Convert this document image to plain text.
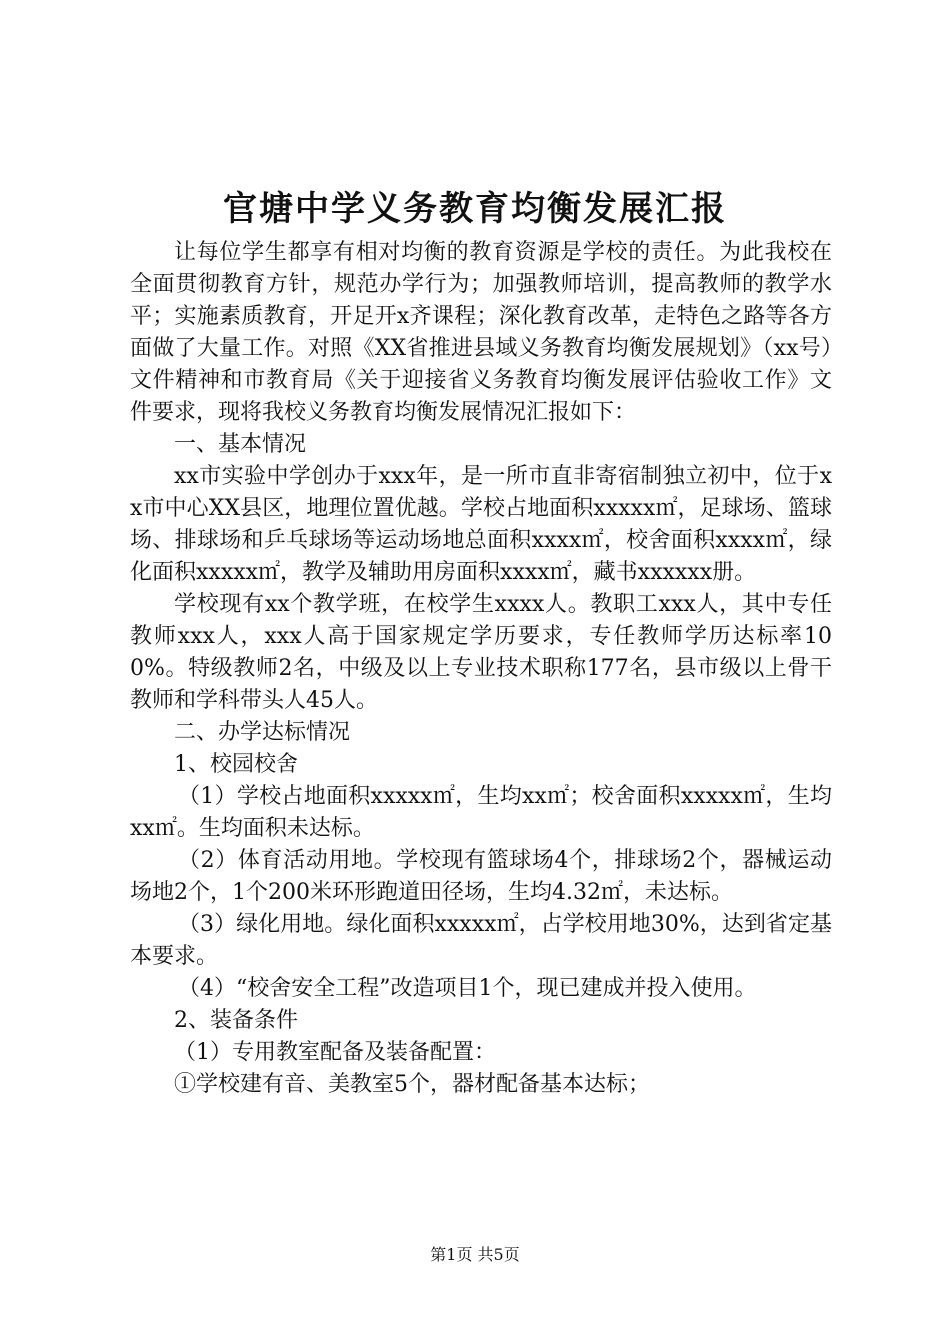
官塘中学义务教育均衡发展汇报

让每位学生都享有相对均衡的教育资源是学校的责任。为此我校在全面贯彻教育方针，规范办学行为；加强教师培训，提高教师的教学水平；实施素质教育，开足开x齐课程；深化教育改革，走特色之路等各方面做了大量工作。对照《XX省推进县域义务教育均衡发展规划》（xx号）文件精神和市教育局《关于迎接省义务教育均衡发展评估验收工作》文件要求，现将我校义务教育均衡发展情况汇报如下：

一、基本情况

xx市实验中学创办于xxx年，是一所市直非寄宿制独立初中，位于xx市中心XX县区，地理位置优越。学校占地面积xxxxx㎡，足球场、篮球场、排球场和乒乓球场等运动场地总面积xxxx㎡，校舍面积xxxx㎡，绿化面积xxxxx㎡，教学及辅助用房面积xxxx㎡，藏书xxxxxx册。

学校现有xx个教学班，在校学生xxxx人。教职工xxx人，其中专任教师xxx人，xxx人高于国家规定学历要求，专任教师学历达标率100%。特级教师2名，中级及以上专业技术职称177名，县市级以上骨干教师和学科带头人45人。

二、办学达标情况

1、校园校舍

（1）学校占地面积xxxxx㎡，生均xx㎡；校舍面积xxxxx㎡，生均xx㎡。生均面积未达标。

（2）体育活动用地。学校现有篮球场4个，排球场2个，器械运动场地2个，1个200米环形跑道田径场，生均4.32㎡，未达标。

（3）绿化用地。绿化面积xxxxx㎡，占学校用地30%，达到省定基本要求。

（4）“校舍安全工程”改造项目1个，现已建成并投入使用。

2、装备条件

（1）专用教室配备及装备配置：

①学校建有音、美教室5个，器材配备基本达标；

第1页 共5页
